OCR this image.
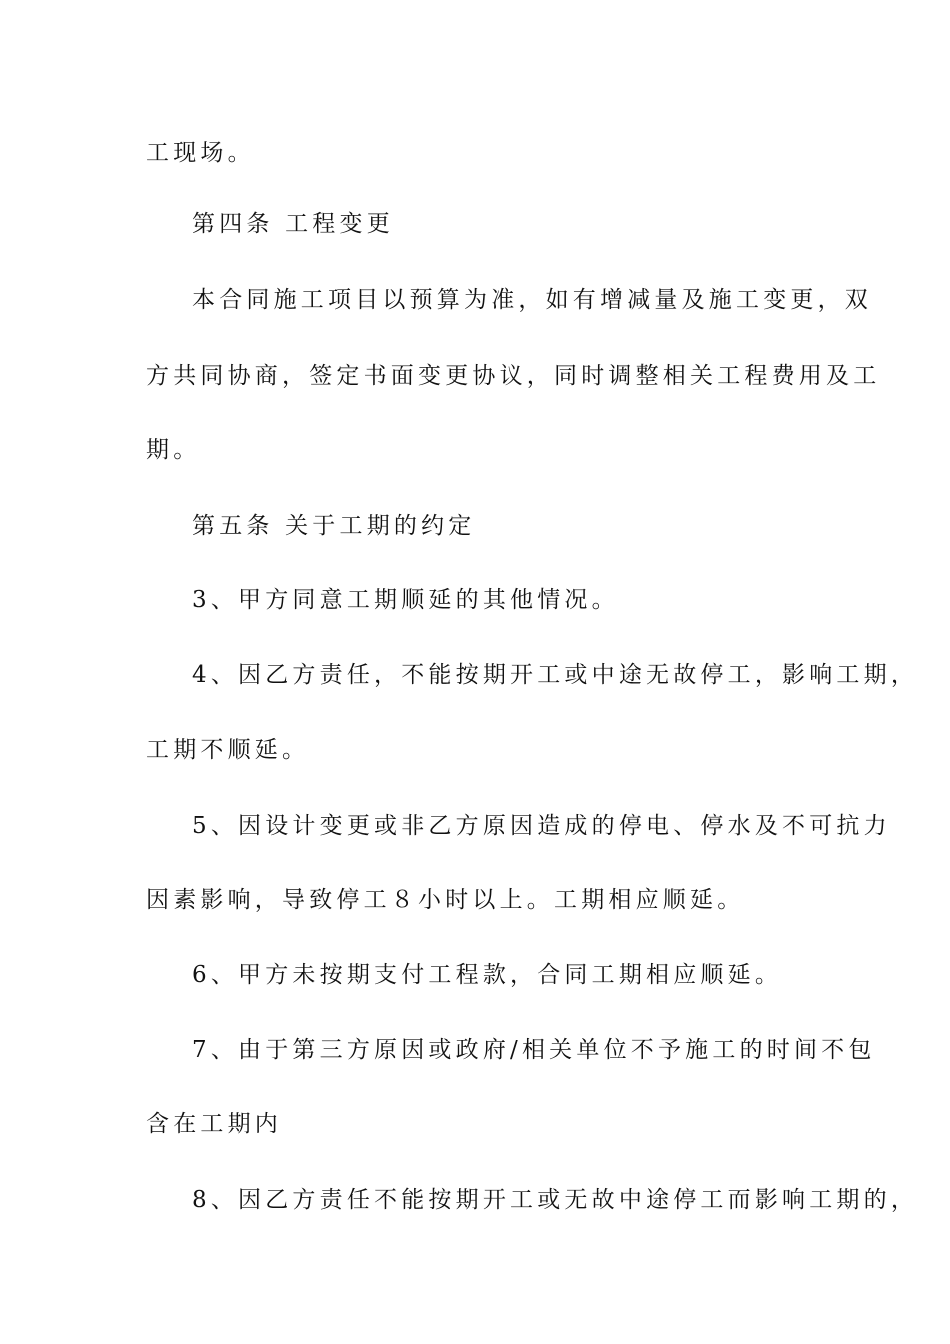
工现场。
第四条 工程变更
本合同施工项目以预算为准，如有增减量及施工变更，双
方共同协商，签定书面变更协议，同时调整相关工程费用及工
期。
第五条 关于工期的约定
3、甲方同意工期顺延的其他情况。
4、因乙方责任，不能按期开工或中途无故停工，影响工期，
工期不顺延。
5、因设计变更或非乙方原因造成的停电、停水及不可抗力
因素影响，导致停工８小时以上。工期相应顺延。
6、甲方未按期支付工程款，合同工期相应顺延。
7、由于第三方原因或政府/相关单位不予施工的时间不包
含在工期内
8、因乙方责任不能按期开工或无故中途停工而影响工期的，
